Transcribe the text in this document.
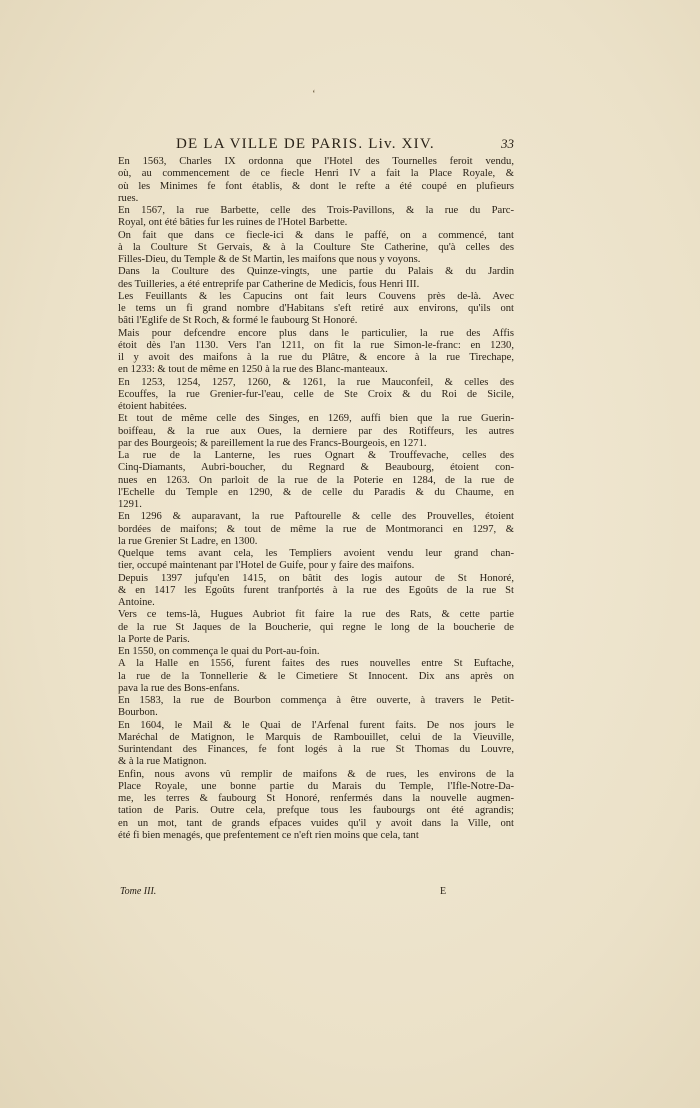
ʻ
DE LA VILLE DE PARIS. Liv. XIV.	33
En 1563, Charles IX ordonna que l'Hotel des Tournelles feroit vendu,
où, au commencement de ce fiecle Henri IV a fait la Place Royale, &
où les Minimes fe font établis, & dont le refte a été coupé en plufieurs
rues.
En 1567, la rue Barbette, celle des Trois-Pavillons, & la rue du Parc-
Royal, ont été bâties fur les ruines de l'Hotel Barbette.
On fait que dans ce fiecle-ici & dans le paffé, on a commencé, tant
à la Coulture St Gervais, & à la Coulture Ste Catherine, qu'à celles des
Filles-Dieu, du Temple & de St Martin, les maifons que nous y voyons.
Dans la Coulture des Quinze-vingts, une partie du Palais & du Jardin
des Tuilleries, a été entreprife par Catherine de Medicis, fous Henri III.
Les Feuillants & les Capucins ont fait leurs Couvens près de-là. Avec
le tems un fi grand nombre d'Habitans s'eft retiré aux environs, qu'ils ont
bâti l'Eglife de St Roch, & formé le faubourg St Honoré.
Mais pour defcendre encore plus dans le particulier, la rue des Affis
étoit dès l'an 1130. Vers l'an 1211, on fit la rue Simon-le-franc: en 1230,
il y avoit des maifons à la rue du Plâtre, & encore à la rue Tirechape,
en 1233: & tout de même en 1250 à la rue des Blanc-manteaux.
En 1253, 1254, 1257, 1260, & 1261, la rue Mauconfeil, & celles des
Ecouffes, la rue Grenier-fur-l'eau, celle de Ste Croix & du Roi de Sicile,
étoient habitées.
Et tout de même celle des Singes, en 1269, auffi bien que la rue Guerin-
boiffeau, & la rue aux Oues, la derniere par des Rotiffeurs, les autres
par des Bourgeois; & pareillement la rue des Francs-Bourgeois, en 1271.
La rue de la Lanterne, les rues Ognart & Trouffevache, celles des
Cinq-Diamants, Aubri-boucher, du Regnard & Beaubourg, étoient con-
nues en 1263. On parloit de la rue de la Poterie en 1284, de la rue de
l'Echelle du Temple en 1290, & de celle du Paradis & du Chaume, en
1291.
En 1296 & auparavant, la rue Paftourelle & celle des Prouvelles, étoient
bordées de maifons; & tout de même la rue de Montmoranci en 1297, &
la rue Grenier St Ladre, en 1300.
Quelque tems avant cela, les Templiers avoient vendu leur grand chan-
tier, occupé maintenant par l'Hotel de Guife, pour y faire des maifons.
Depuis 1397 jufqu'en 1415, on bâtit des logis autour de St Honoré,
& en 1417 les Egoûts furent tranfportés à la rue des Egoûts de la rue St
Antoine.
Vers ce tems-là, Hugues Aubriot fit faire la rue des Rats, & cette partie
de la rue St Jaques de la Boucherie, qui regne le long de la boucherie de
la Porte de Paris.
En 1550, on commença le quai du Port-au-foin.
A la Halle en 1556, furent faites des rues nouvelles entre St Euftache,
la rue de la Tonnellerie & le Cimetiere St Innocent. Dix ans après on
pava la rue des Bons-enfans.
En 1583, la rue de Bourbon commença à être ouverte, à travers le Petit-
Bourbon.
En 1604, le Mail & le Quai de l'Arfenal furent faits. De nos jours le
Maréchal de Matignon, le Marquis de Rambouillet, celui de la Vieuville,
Surintendant des Finances, fe font logés à la rue St Thomas du Louvre,
& à la rue Matignon.
Enfin, nous avons vû remplir de maifons & de rues, les environs de la
Place Royale, une bonne partie du Marais du Temple, l'Ifle-Notre-Da-
me, les terres & faubourg St Honoré, renfermés dans la nouvelle augmen-
tation de Paris. Outre cela, prefque tous les faubourgs ont été agrandis;
en un mot, tant de grands efpaces vuides qu'il y avoit dans la Ville, ont
été fi bien menagés, que prefentement ce n'eft rien moins que cela, tant
Tome III.	E
